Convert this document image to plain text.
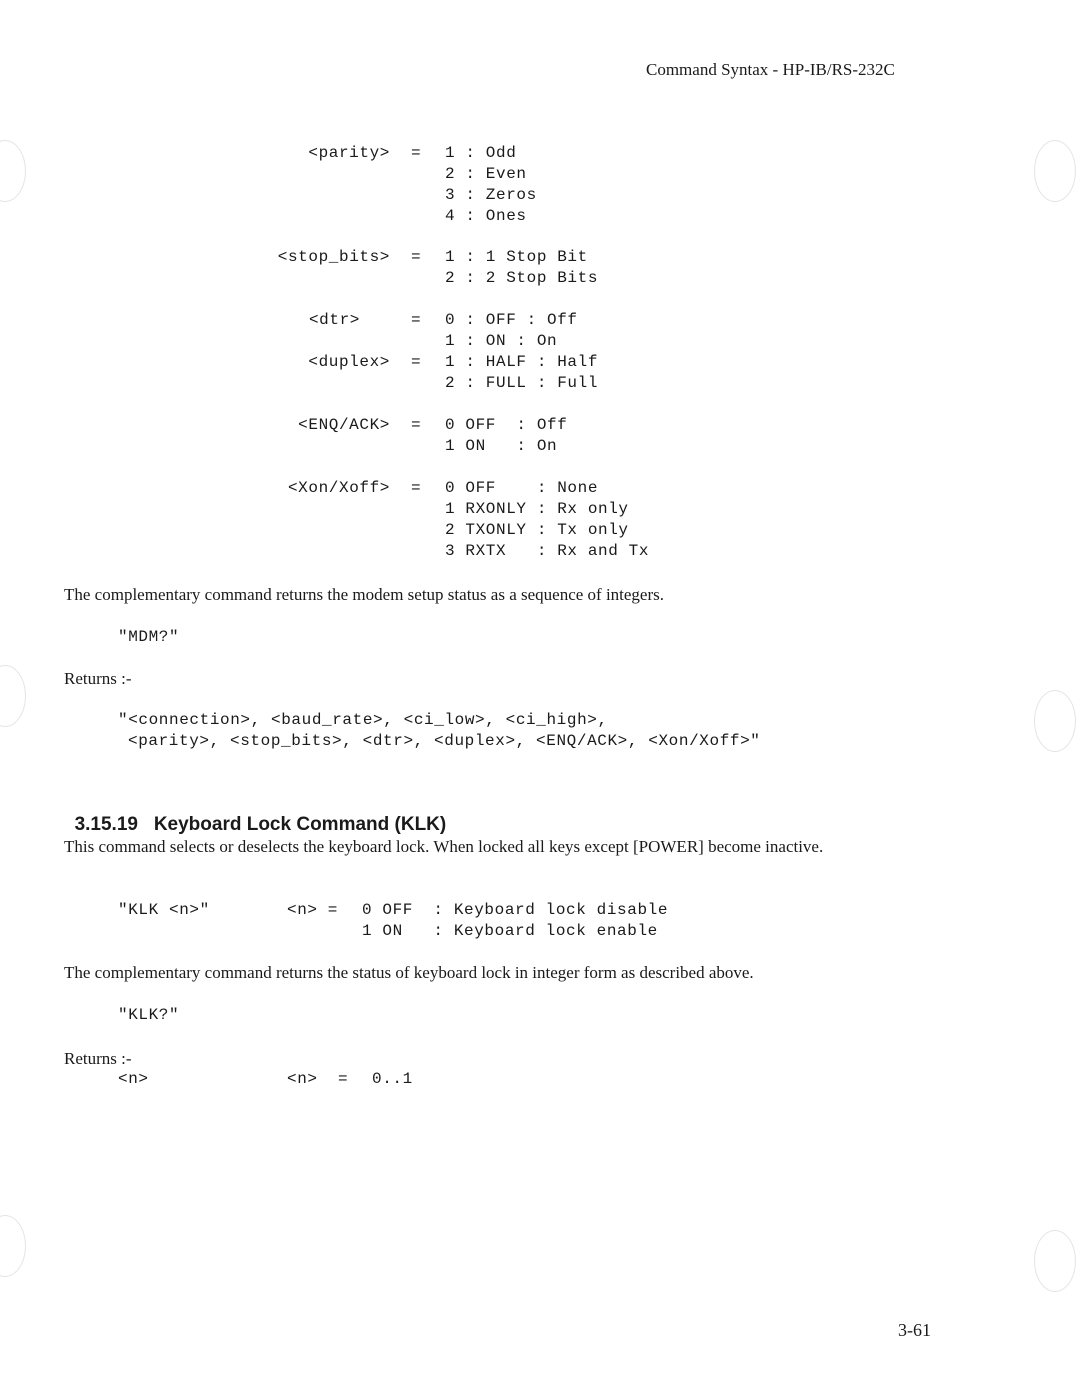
Command Syntax - HP-IB/RS-232C
<parity> = 1 : Odd
2 : Even
3 : Zeros
4 : Ones
<stop_bits> = 1 : 1 Stop Bit
2 : 2 Stop Bits
<dtr>	= 0 : OFF : Off
1 : ON : On
<duplex> = 1 : HALF : Half
2 : FULL : Full
<ENQ/ACK> = 0 OFF  : Off
1 ON   : On
<Xon/Xoff> = 0 OFF    : None
1 RXONLY : Rx only
2 TXONLY : Tx only
3 RXTX   : Rx and Tx
The complementary command returns the modem setup status as a sequence of integers.
"MDM?"
Returns :-
"<connection>, <baud_rate>, <ci_low>, <ci_high>,
<parity>, <stop_bits>, <dtr>, <duplex>, <ENQ/ACK>, <Xon/Xoff>"

3.15.19 Keyboard Lock Command (KLK)

This command selects or deselects the keyboard lock. When locked all keys except [POWER] become inactive.
"KLK <n>"	<n> = 0 OFF  : Keyboard lock disable
1 ON   : Keyboard lock enable
The complementary command returns the status of keyboard lock in integer form as described above.
"KLK?"
Returns :-
<n>	<n>  = 0..1
3-61
